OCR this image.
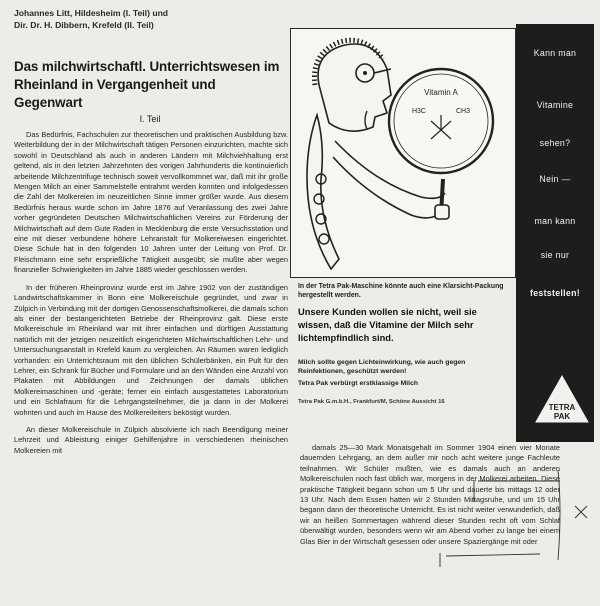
Johannes Litt, Hildesheim (I. Teil) und
Dir. Dr. H. Dibbern, Krefeld (II. Teil)
Das milchwirtschaftl. Unterrichtswesen im
Rheinland in Vergangenheit und Gegenwart
I. Teil

Das Bedürfnis, Fachschulen zur theoretischen und praktischen Ausbildung bzw. Weiterbildung der in der Milchwirtschaft tätigen Personen einzurichten, machte sich sowohl in Deutschland als auch in anderen Ländern mit Milchviehhaltung erst geltend, als in den letzten Jahrzehnten des vorigen Jahrhunderts die kontinuierlich arbeitende Milchzentrifuge technisch soweit vervollkommnet war, daß mit ihr große Mengen Milch an einer Sammelstelle entrahmt werden konnten und infolgedessen die Zahl der Molkereien im neuzeitlichen Sinne immer größer wurde. Aus diesem Bedürfnis heraus wurde schon im Jahre 1876 auf Veranlassung des zwei Jahre vorher gegründeten Deutschen Milchwirtschaftlichen Vereins zur Förderung der Milchwirtschaft auf dem Gute Raden in Mecklenburg die erste Versuchsstation und eine mit dieser verbundene höhere Lehranstalt für Molkereiwesen eingerichtet. Diese Schule hat in den folgenden 10 Jahren unter der Leitung von Prof. Dr. Fleischmann eine sehr ersprießliche Tätigkeit ausgeübt; sie mußte aber wegen finanzieller Schwierigkeiten im Jahre 1885 wieder geschlossen werden.

In der früheren Rheinprovinz wurde erst im Jahre 1902 von der zuständigen Landwirtschaftskammer in Bonn eine Molkereischule gegründet, und zwar in Zülpich in Verbindung mit der dortigen Genossenschaftsmolkerei, die damals schon als einer der bestangerichteten Betriebe der Rheinprovinz galt. Diese erste Molkereischule im Rheinland war mit ihrer einfachen und dürftigen Ausstattung natürlich mit der jetzigen neuzeitlich eingerichteten Milchwirtschaftlichen Lehr- und Untersuchungsanstalt in Krefeld kaum zu vergleichen. An Räumen waren lediglich vorhanden: ein Unterrichtsraum mit den üblichen Schülerbänken, ein Pult für den Lehrer, ein Schrank für Bücher und Formulare und an den Wänden eine Anzahl von Plakaten mit Abbildungen und Zeichnungen der damals üblichen Molkereimaschinen und -geräte; ferner ein einfach ausgestattetes Laboratorium und ein Schlafraum für die Lehrgangsteilnehmer, die ja dann in der Molkerei wohnten und auch im Hause des Molkereileiters beköstigt wurden.

An dieser Molkereischule in Zülpich absolvierte ich nach Beendigung meiner Lehrzeit und Ableistung einiger Gehilfenjahre in verschiedenen rheinischen Molkereien mit	damals 25—30 Mark Monatsgehalt im Sommer 1904 einen vier Monate dauernden Lehrgang, an dem außer mir noch acht weitere junge Fachleute teilnahmen. Wir Schüler mußten, wie es damals auch an anderen Molkereischulen noch fast üblich war, morgens in der Molkerei arbeiten. Diese praktische Tätigkeit begann schon um 5 Uhr und dauerte bis mittags 12 oder 13 Uhr. Nach dem Essen hatten wir 2 Stunden Mittagsruhe, und um 15 Uhr begann dann der theoretische Unterricht. Es ist nicht weiter verwunderlich, daß wir an heißen Sommertagen während dieser Stunden recht oft vom Schlaf überwältigt wurden, besonders wenn wir am Abend vorher zu lange bei einem Glas Bier in der Wirtschaft gesessen oder unsere Spaziergänge mit oder

Vitamin A
H3C	CH3
Kann man
Vitamine
sehen?
Nein —
man kann
sie nur
feststellen!
In der Tetra Pak-Maschine könnte auch eine Klarsicht-Packung hergestellt werden.
Unsere Kunden wollen sie nicht, weil sie wissen, daß die Vitamine der Milch sehr lichtempfindlich sind.
Milch sollte gegen Lichteinwirkung, wie auch gegen Reinfektionen, geschützt werden!
Tetra Pak verbürgt erstklassige Milch
Tetra Pak G.m.b.H., Frankfurt/M, Schöne Aussicht 16
TETRA
PAK
